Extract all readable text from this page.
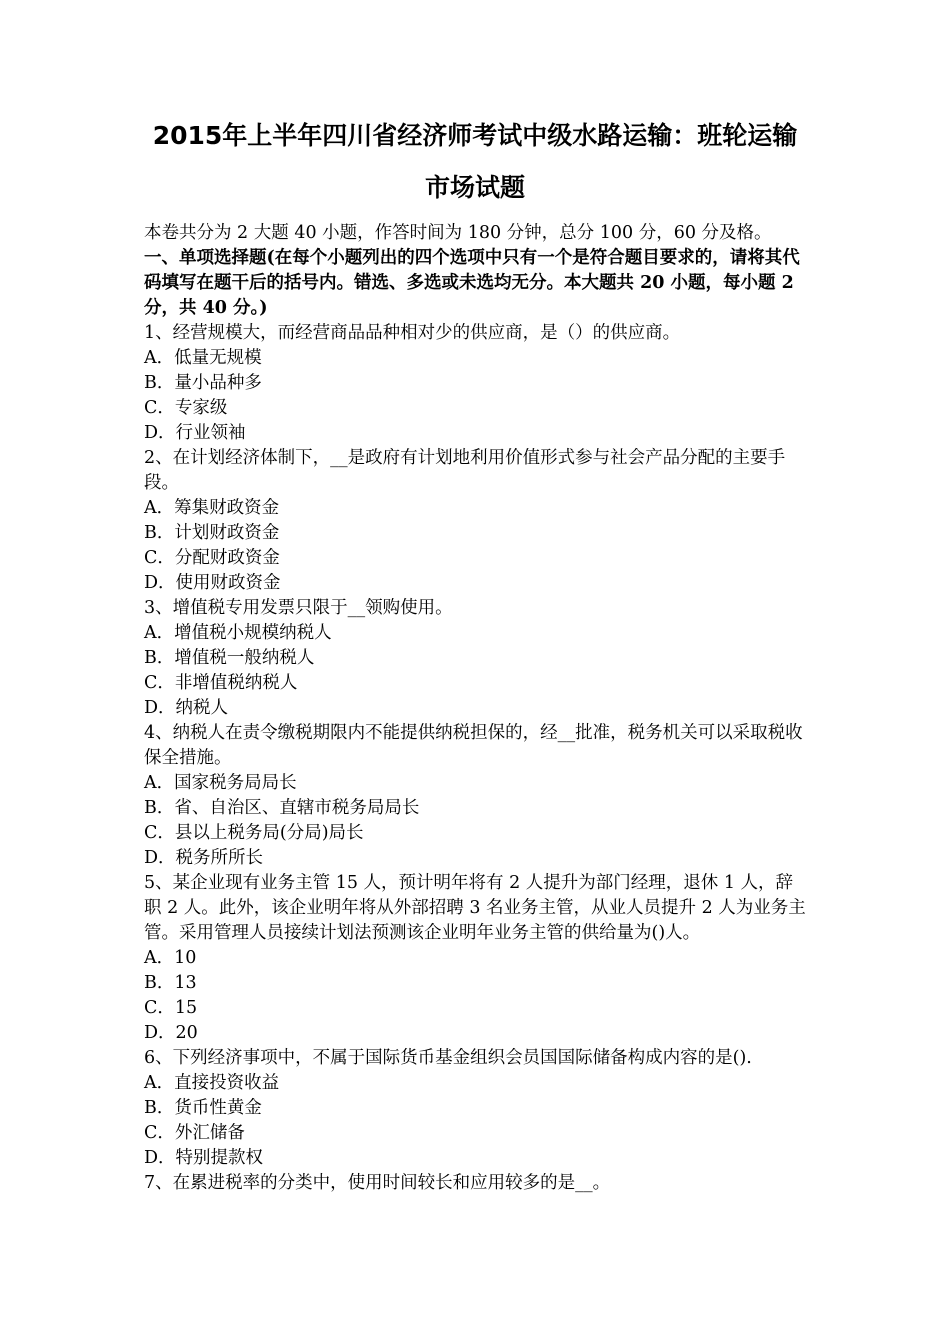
2015年上半年四川省经济师考试中级水路运输：班轮运输
市场试题

本卷共分为 2 大题 40 小题，作答时间为 180 分钟，总分 100 分，60 分及格。

一、单项选择题(在每个小题列出的四个选项中只有一个是符合题目要求的，请将其代码填写在题干后的括号内。错选、多选或未选均无分。本大题共 20 小题，每小题 2 分，共 40 分。)

1、经营规模大，而经营商品品种相对少的供应商，是（）的供应商。

A．低量无规模

B．量小品种多

C．专家级

D．行业领袖

2、在计划经济体制下，__是政府有计划地利用价值形式参与社会产品分配的主要手段。

A．筹集财政资金

B．计划财政资金

C．分配财政资金

D．使用财政资金

3、增值税专用发票只限于__领购使用。

A．增值税小规模纳税人

B．增值税一般纳税人

C．非增值税纳税人

D．纳税人

4、纳税人在责令缴税期限内不能提供纳税担保的，经__批准，税务机关可以采取税收保全措施。

A．国家税务局局长

B．省、自治区、直辖市税务局局长

C．县以上税务局(分局)局长

D．税务所所长

5、某企业现有业务主管 15 人，预计明年将有 2 人提升为部门经理，退休 1 人，辞职 2 人。此外，该企业明年将从外部招聘 3 名业务主管，从业人员提升 2 人为业务主管。采用管理人员接续计划法预测该企业明年业务主管的供给量为()人。

A．10

B．13

C．15

D．20

6、下列经济事项中，不属于国际货币基金组织会员国国际储备构成内容的是().

A．直接投资收益

B．货币性黄金

C．外汇储备

D．特别提款权

7、在累进税率的分类中，使用时间较长和应用较多的是__。
